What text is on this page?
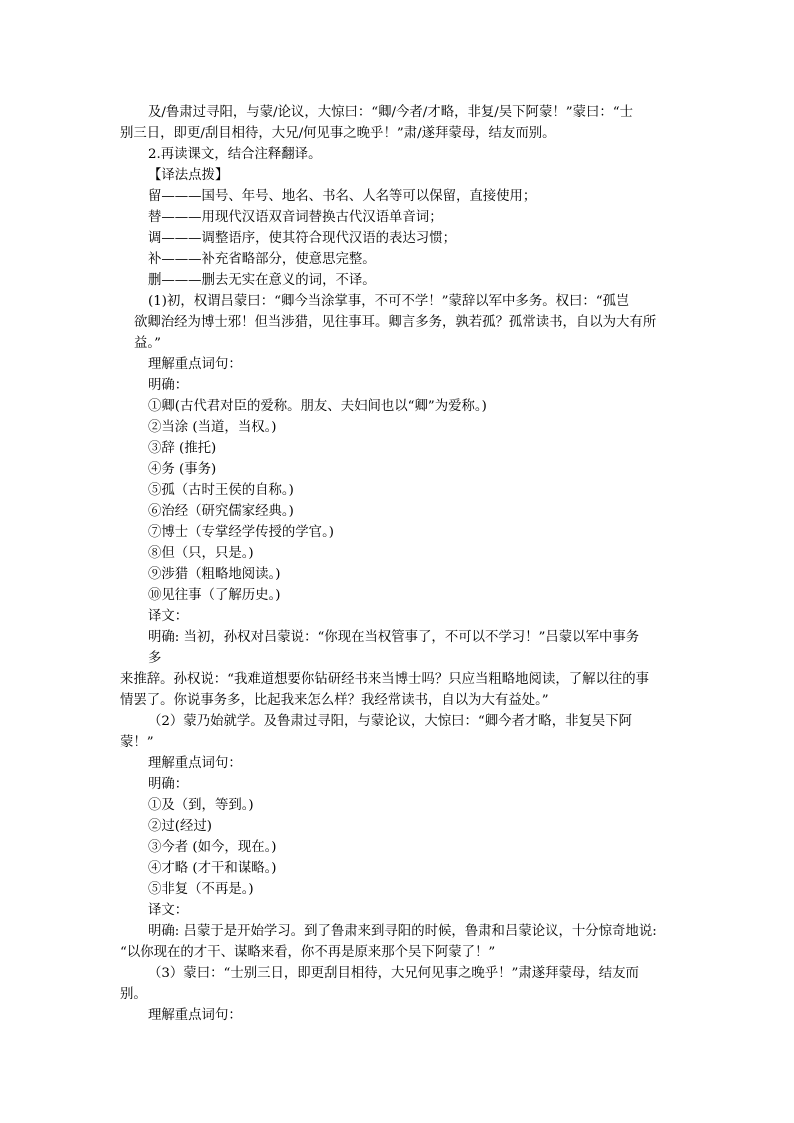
及/鲁肃过寻阳，与蒙/论议，大惊曰：“卿/今者/才略，非复/吴下阿蒙！”蒙曰：“士
别三日，即更/刮目相待，大兄/何见事之晚乎！”肃/遂拜蒙母，结友而别。
2.再读课文，结合注释翻译。
【译法点拨】
留———国号、年号、地名、书名、人名等可以保留，直接使用；
替———用现代汉语双音词替换古代汉语单音词；
调———调整语序，使其符合现代汉语的表达习惯；
补———补充省略部分，使意思完整。
删———删去无实在意义的词，不译。
(1)初，权谓吕蒙曰：“卿今当涂掌事，不可不学！”蒙辞以军中多务。权曰：“孤岂
欲卿治经为博士邪！但当涉猎，见往事耳。卿言多务，孰若孤？孤常读书，自以为大有所
益。”
理解重点词句：
明确：
①卿(古代君对臣的爱称。朋友、夫妇间也以“卿”为爱称。)
②当涂 (当道，当权。)
③辞 (推托)
④务 (事务)
⑤孤（古时王侯的自称。)
⑥治经（研究儒家经典。)
⑦博士（专掌经学传授的学官。)
⑧但（只，只是。)
⑨涉猎（粗略地阅读。)
⑩见往事（了解历史。)
译文：
明确: 当初，孙权对吕蒙说：“你现在当权管事了，不可以不学习！”吕蒙以军中事务
多
来推辞。孙权说：“我难道想要你钻研经书来当博士吗？只应当粗略地阅读，了解以往的事
情罢了。你说事务多，比起我来怎么样？我经常读书，自以为大有益处。”
（2）蒙乃始就学。及鲁肃过寻阳，与蒙论议，大惊曰：“卿今者才略，非复吴下阿
蒙！”
理解重点词句：
明确：
①及（到，等到。)
②过(经过)
③今者 (如今，现在。)
④才略 (才干和谋略。)
⑤非复（不再是。)
译文：
明确: 吕蒙于是开始学习。到了鲁肃来到寻阳的时候，鲁肃和吕蒙论议，十分惊奇地说:
“以你现在的才干、谋略来看，你不再是原来那个吴下阿蒙了！”
（3）蒙曰：“士别三日，即更刮目相待，大兄何见事之晚乎！”肃遂拜蒙母，结友而
别。
理解重点词句：
